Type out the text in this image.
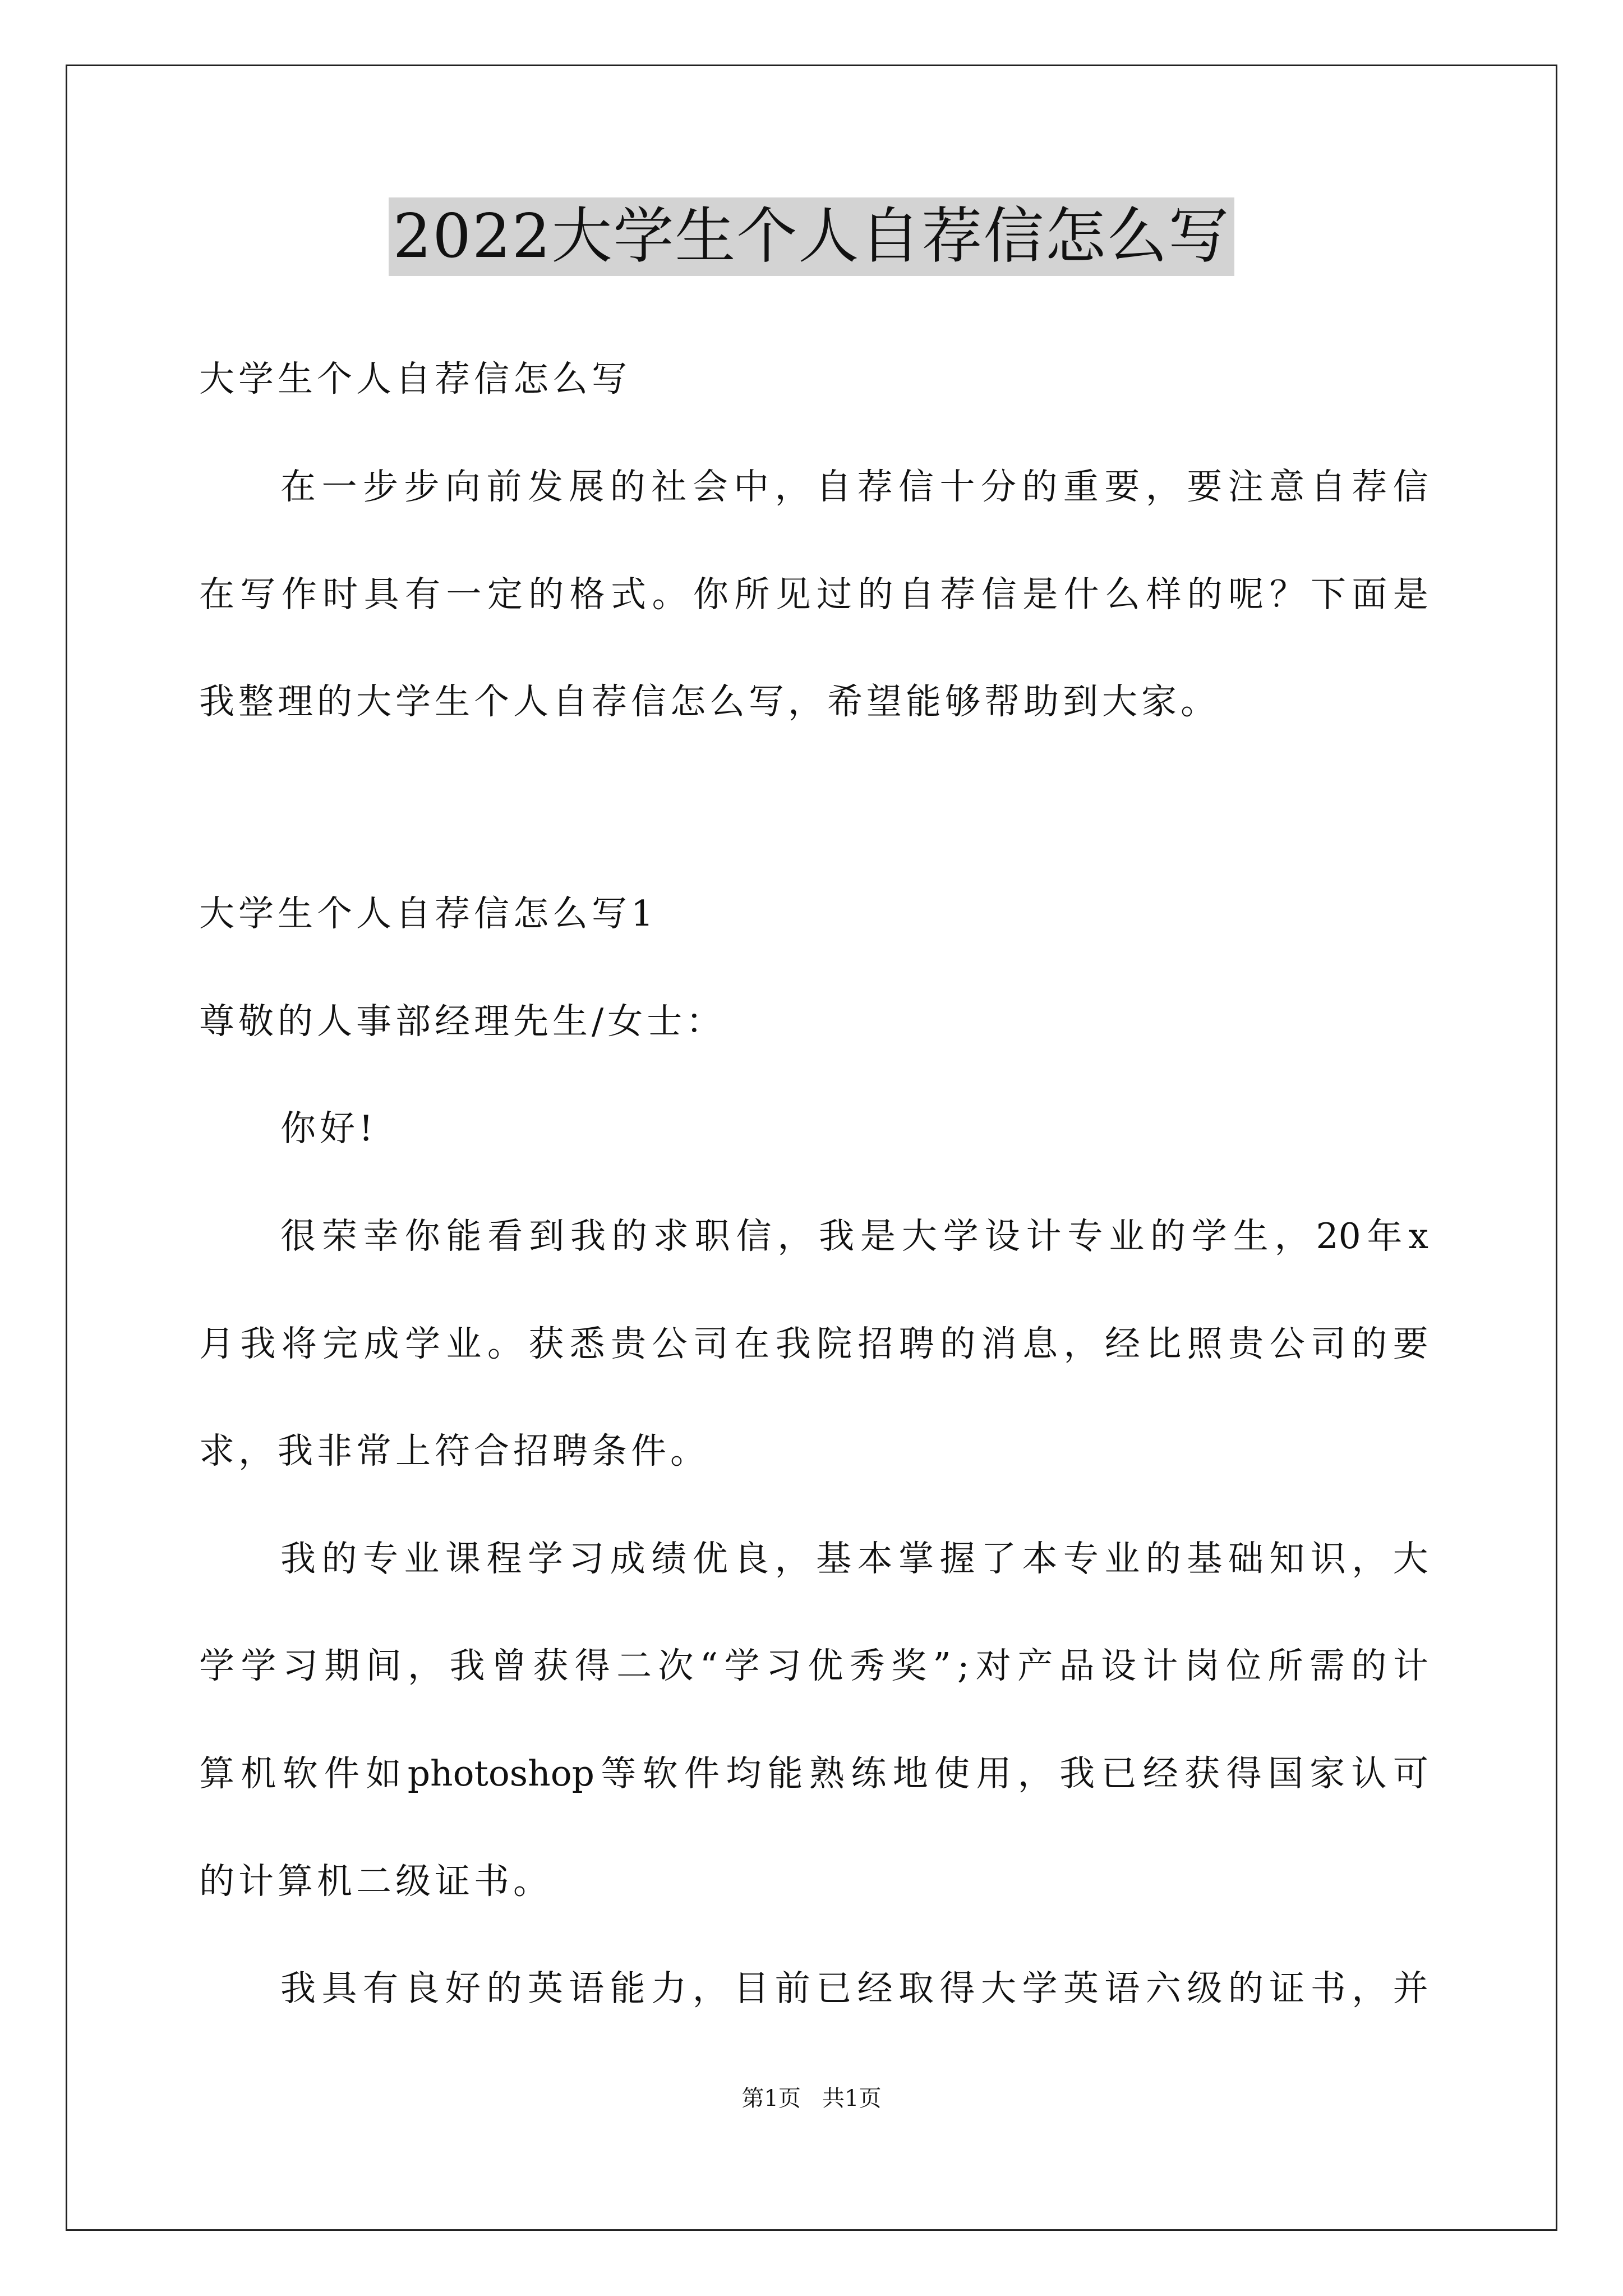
2022大学生个人自荐信怎么写
大学生个人自荐信怎么写
在 一 步 步 向 前 发 展 的 社 会 中 ， 自 荐 信 十 分 的 重 要 ， 要 注 意 自 荐 信
在 写 作 时 具 有 一 定 的 格 式 。 你 所 见 过 的 自 荐 信 是 什 么 样 的 呢 ？ 下 面 是
我整理的大学生个人自荐信怎么写，希望能够帮助到大家。
大学生个人自荐信怎么写1
尊敬的人事部经理先生/女士：
你好!
很 荣 幸 你 能 看 到 我 的 求 职 信 ， 我 是 大 学 设 计 专 业 的 学 生 ， 20 年 x
月 我 将 完 成 学 业 。 获 悉 贵 公 司 在 我 院 招 聘 的 消 息 ， 经 比 照 贵 公 司 的 要
求，我非常上符合招聘条件。
我 的 专 业 课 程 学 习 成 绩 优 良 ， 基 本 掌 握 了 本 专 业 的 基 础 知 识 ， 大
学 学 习 期 间 ， 我 曾 获 得 二 次 “ 学 习 优 秀 奖 ” ; 对 产 品 设 计 岗 位 所 需 的 计
算 机 软 件 如 photoshop 等 软 件 均 能 熟 练 地 使 用 ， 我 已 经 获 得 国 家 认 可
的计算机二级证书。
我 具 有 良 好 的 英 语 能 力 ， 目 前 已 经 取 得 大 学 英 语 六 级 的 证 书 ， 并
第1页   共1页
